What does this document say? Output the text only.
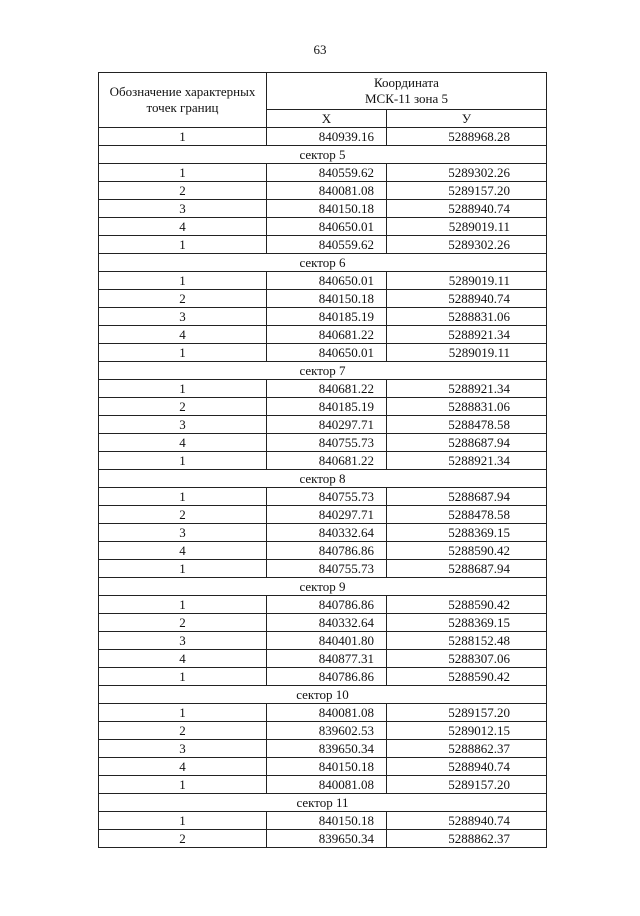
63
Обозначение характерных точек границ	Координата
МСК-11 зона 5	

	Х	У
1	840939.16	5288968.28
сектор 5		
1	840559.62	5289302.26
2	840081.08	5289157.20
3	840150.18	5288940.74
4	840650.01	5289019.11
1	840559.62	5289302.26
сектор 6		
1	840650.01	5289019.11
2	840150.18	5288940.74
3	840185.19	5288831.06
4	840681.22	5288921.34
1	840650.01	5289019.11
сектор 7		
1	840681.22	5288921.34
2	840185.19	5288831.06
3	840297.71	5288478.58
4	840755.73	5288687.94
1	840681.22	5288921.34
сектор 8		
1	840755.73	5288687.94
2	840297.71	5288478.58
3	840332.64	5288369.15
4	840786.86	5288590.42
1	840755.73	5288687.94
сектор 9		
1	840786.86	5288590.42
2	840332.64	5288369.15
3	840401.80	5288152.48
4	840877.31	5288307.06
1	840786.86	5288590.42
сектор 10		
1	840081.08	5289157.20
2	839602.53	5289012.15
3	839650.34	5288862.37
4	840150.18	5288940.74
1	840081.08	5289157.20
сектор 11		
1	840150.18	5288940.74
2	839650.34	5288862.37
